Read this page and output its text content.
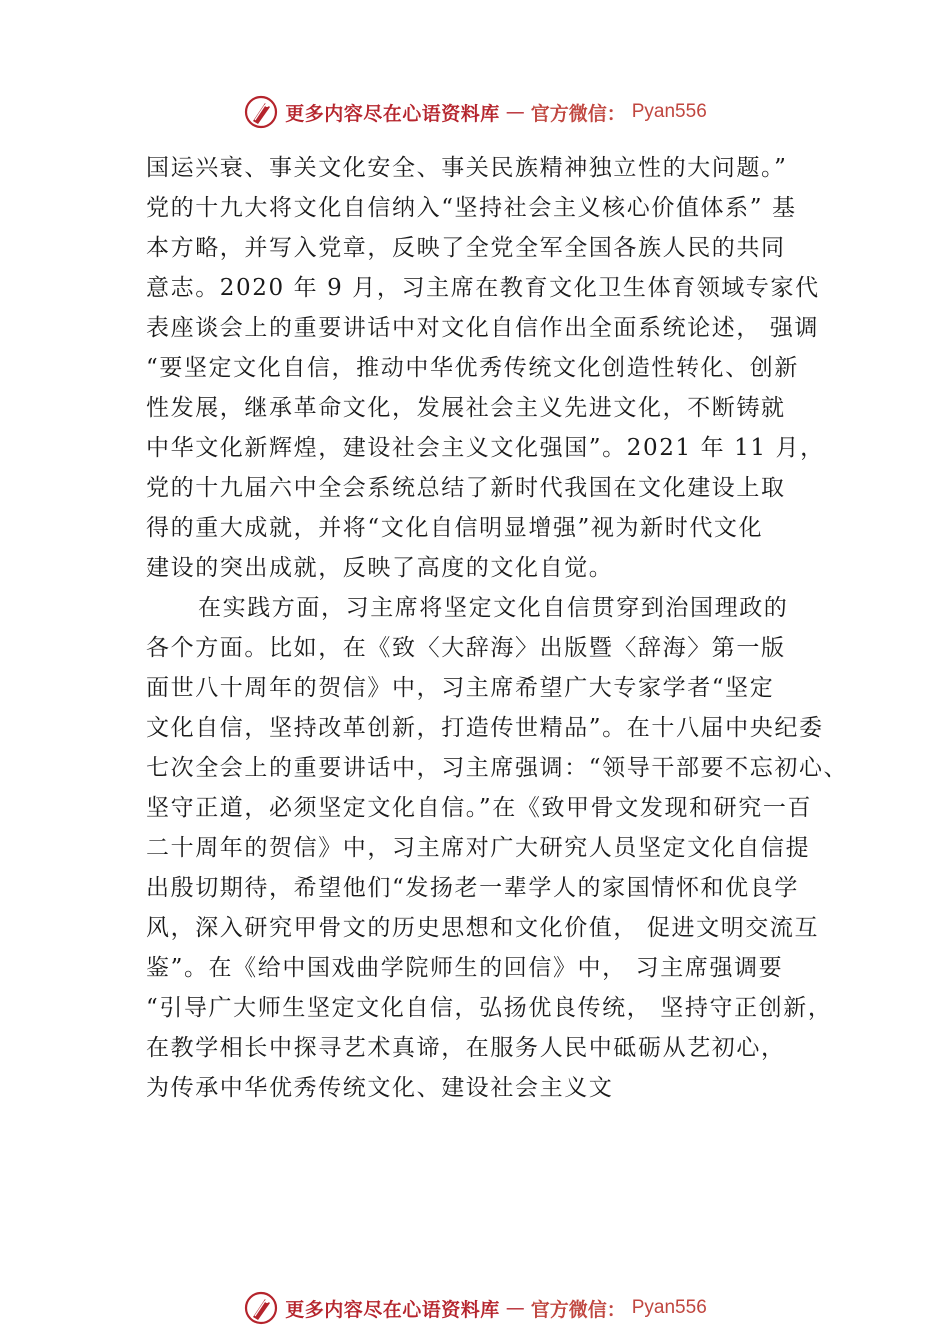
更多内容尽在心语资料库 — 官方微信： Pyan556
国运兴衰、事关文化安全、事关民族精神独立性的大问题。”
党的十九大将文化自信纳入“坚持社会主义核心价值体系” 基
本方略，并写入党章，反映了全党全军全国各族人民的共同
意志。2020 年 9 月，习主席在教育文化卫生体育领域专家代
表座谈会上的重要讲话中对文化自信作出全面系统论述， 强调
“要坚定文化自信，推动中华优秀传统文化创造性转化、创新
性发展，继承革命文化，发展社会主义先进文化，不断铸就
中华文化新辉煌，建设社会主义文化强国”。2021 年 11 月，
党的十九届六中全会系统总结了新时代我国在文化建设上取
得的重大成就，并将“文化自信明显增强”视为新时代文化
建设的突出成就，反映了高度的文化自觉。
在实践方面，习主席将坚定文化自信贯穿到治国理政的
各个方面。比如，在《致〈大辞海〉出版暨〈辞海〉第一版
面世八十周年的贺信》中，习主席希望广大专家学者“坚定
文化自信，坚持改革创新，打造传世精品”。在十八届中央纪委
七次全会上的重要讲话中，习主席强调：“领导干部要不忘初心、
坚守正道，必须坚定文化自信。”在《致甲骨文发现和研究一百
二十周年的贺信》中，习主席对广大研究人员坚定文化自信提
出殷切期待，希望他们“发扬老一辈学人的家国情怀和优良学
风，深入研究甲骨文的历史思想和文化价值， 促进文明交流互
鉴”。在《给中国戏曲学院师生的回信》中， 习主席强调要
“引导广大师生坚定文化自信，弘扬优良传统， 坚持守正创新，
在教学相长中探寻艺术真谛，在服务人民中砥砺从艺初心，
为传承中华优秀传统文化、建设社会主义文
更多内容尽在心语资料库 — 官方微信： Pyan556
